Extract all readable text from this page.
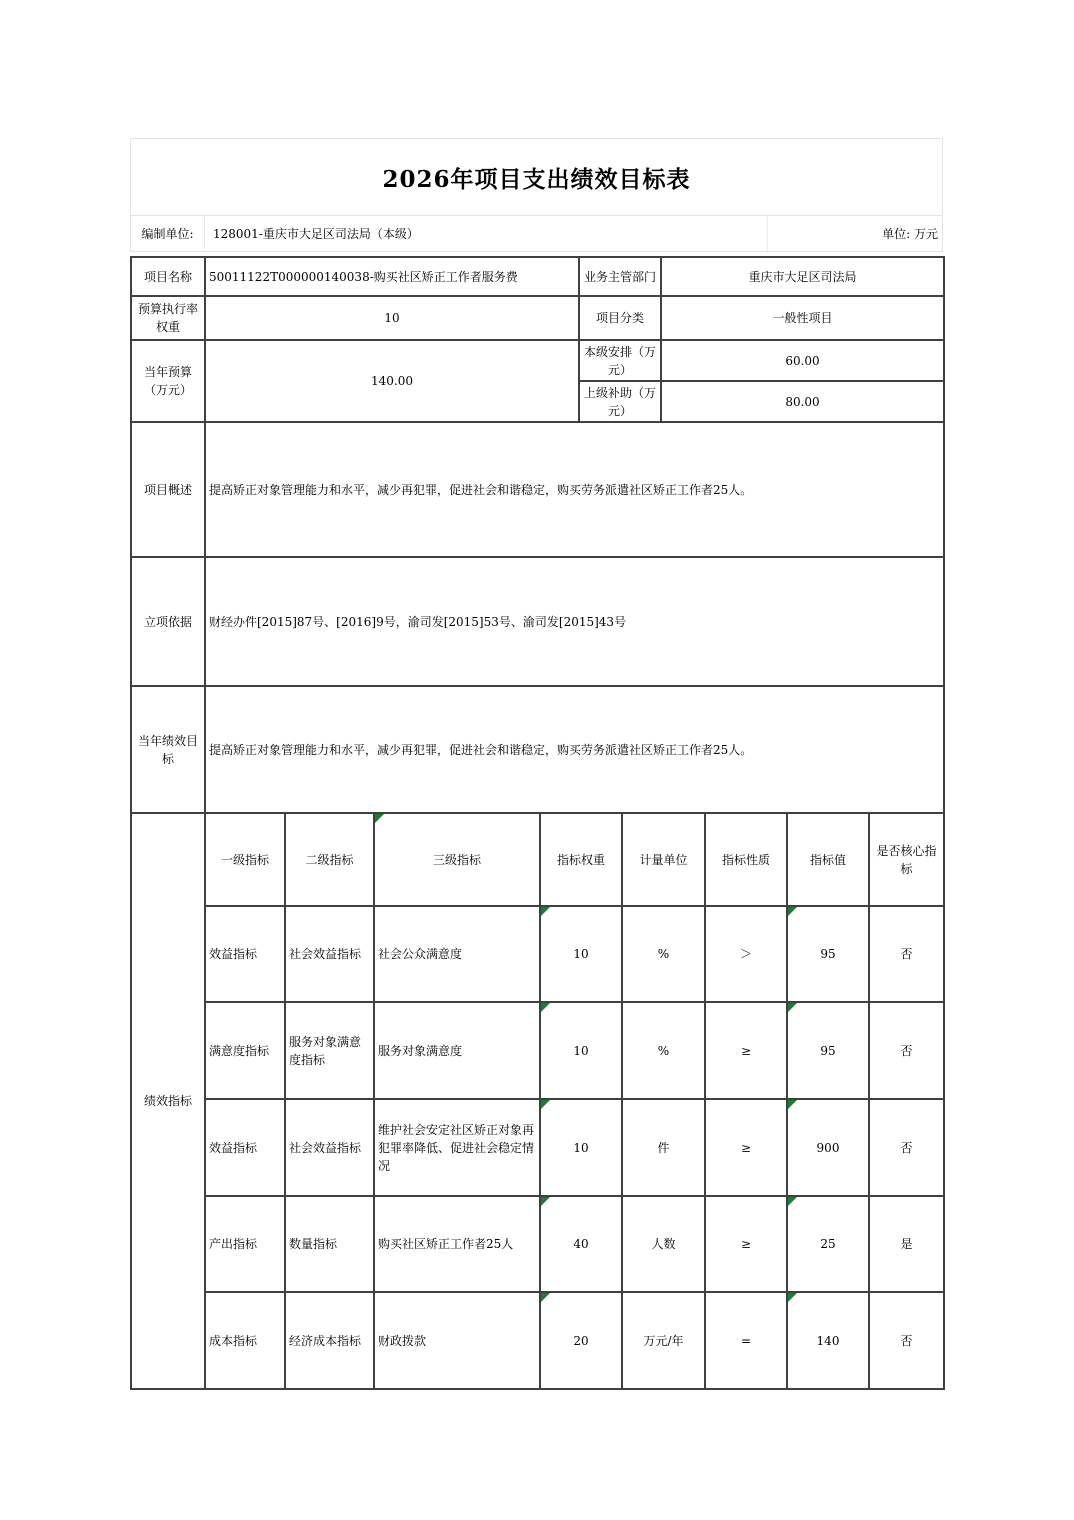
2026年项目支出绩效目标表
编制单位:	128001-重庆市大足区司法局（本级）	单位: 万元
项目名称	50011122T000000140038-购买社区矫正工作者服务费	业务主管部门	重庆市大足区司法局
预算执行率权重	10	项目分类	一般性项目
当年预算（万元）	140.00	本级安排（万元）	60.00
		上级补助（万元）	80.00
项目概述	提高矫正对象管理能力和水平，减少再犯罪，促进社会和谐稳定，购买劳务派遣社区矫正工作者25人。		
立项依据	财经办件[2015]87号、[2016]9号，渝司发[2015]53号、渝司发[2015]43号		
当年绩效目标	提高矫正对象管理能力和水平，减少再犯罪，促进社会和谐稳定，购买劳务派遣社区矫正工作者25人。		
绩效指标	一级指标	二级指标	三级指标	指标权重	计量单位	指标性质	指标值	是否核心指标
	效益指标	社会效益指标	社会公众满意度	10	%	＞	95	否
	满意度指标	服务对象满意度指标	服务对象满意度	10	%	≥	95	否
	效益指标	社会效益指标	维护社会安定社区矫正对象再犯罪率降低、促进社会稳定情况	10	件	≥	900	否
	产出指标	数量指标	购买社区矫正工作者25人	40	人数	≥	25	是
	成本指标	经济成本指标	财政拨款	20	万元/年	=	140	否
